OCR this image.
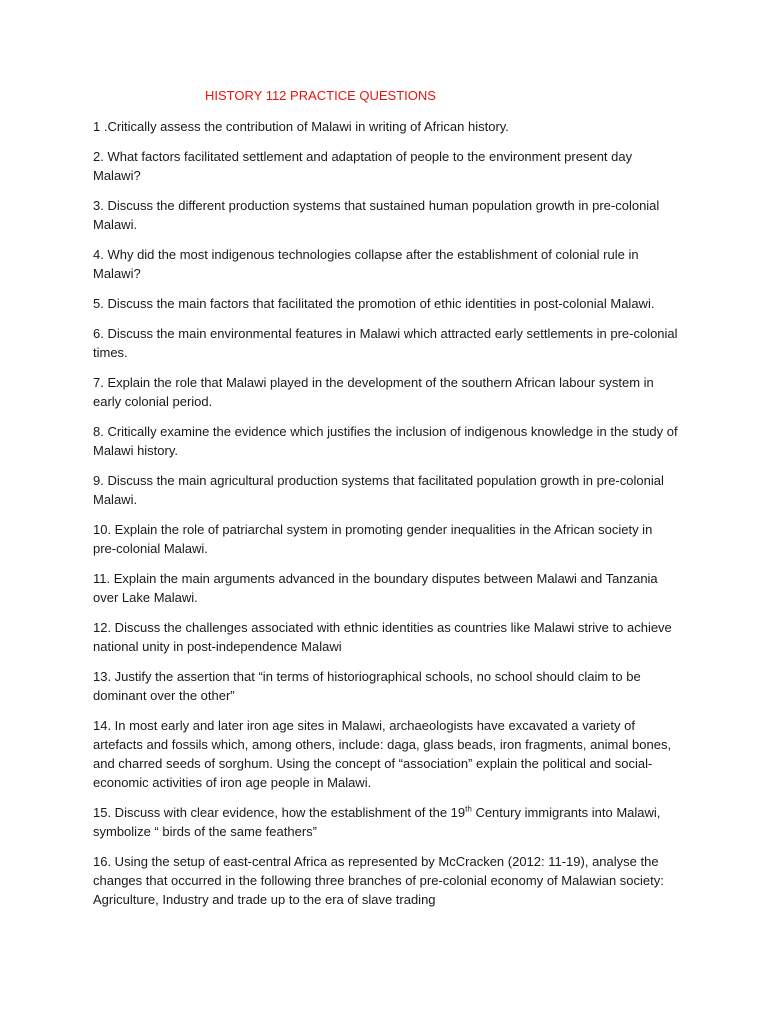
HISTORY 112 PRACTICE QUESTIONS

1 .Critically assess the contribution of Malawi in writing of African history.

2. What factors facilitated settlement and adaptation of people to the environment present day Malawi?

3. Discuss the different production systems that sustained human population growth in pre-colonial Malawi.

4. Why did the most indigenous technologies collapse after the establishment of colonial rule in Malawi?

5. Discuss the main factors that facilitated the promotion of ethic identities in post-colonial Malawi.

6. Discuss the main environmental features in Malawi which attracted early settlements in pre-colonial times.

7. Explain the role that Malawi played in the development of the southern African labour system in early colonial period.

8. Critically examine the evidence which justifies the inclusion of indigenous knowledge in the study of Malawi history.

9. Discuss the main agricultural production systems that facilitated population growth in pre-colonial Malawi.

10. Explain the role of patriarchal system in promoting gender inequalities in the African society in pre-colonial Malawi.

11. Explain the main arguments advanced in the boundary disputes between Malawi and Tanzania over Lake Malawi.

12. Discuss the challenges associated with ethnic identities as countries like Malawi strive to achieve national unity in post-independence Malawi

13. Justify the assertion that “in terms of historiographical schools, no school should claim to be dominant over the other”

14. In most early and later iron age sites in Malawi, archaeologists have excavated a variety of artefacts and fossils which, among others, include: daga, glass beads, iron fragments, animal bones, and charred seeds of sorghum. Using the concept of “association” explain the political and social-economic activities of iron age people in Malawi.

15. Discuss with clear evidence, how the establishment of the 19th Century immigrants into Malawi, symbolize “ birds of the same feathers”

16. Using the setup of east-central Africa as represented by McCracken (2012: 11-19), analyse the changes that occurred in the following three branches of pre-colonial economy of Malawian society: Agriculture, Industry and trade up to the era of slave trading
